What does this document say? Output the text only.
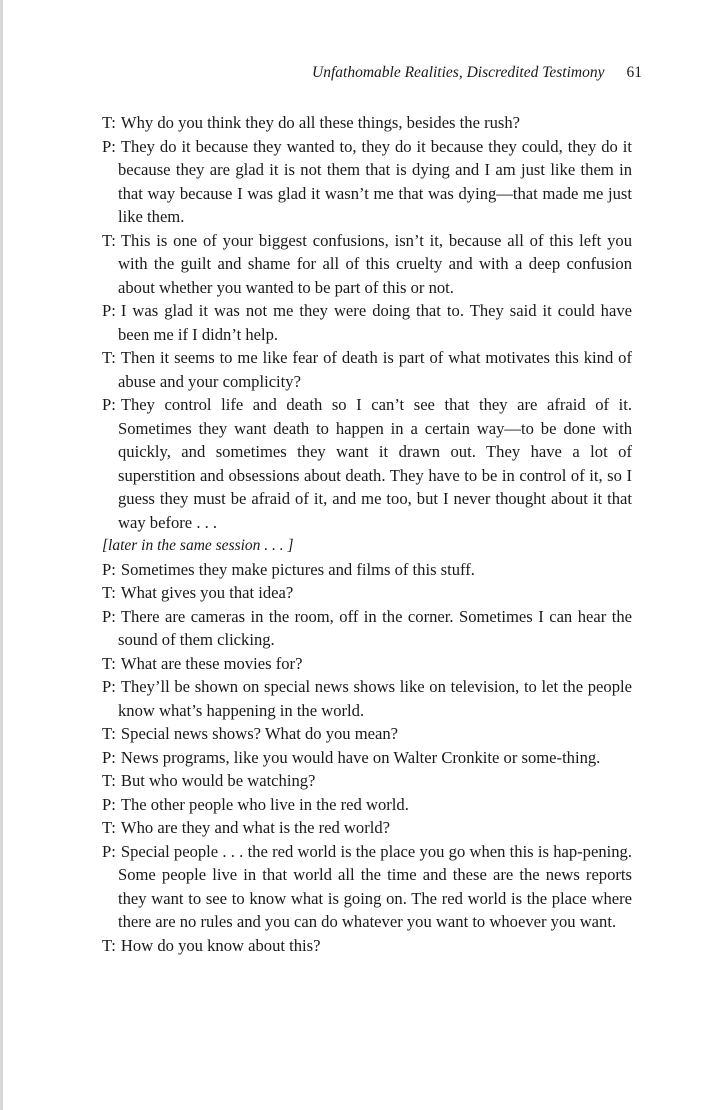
Unfathomable Realities, Discredited Testimony 61

T: Why do you think they do all these things, besides the rush?

P: They do it because they wanted to, they do it because they could, they do it because they are glad it is not them that is dying and I am just like them in that way because I was glad it wasn’t me that was dying—that made me just like them.

T: This is one of your biggest confusions, isn’t it, because all of this left you with the guilt and shame for all of this cruelty and with a deep confusion about whether you wanted to be part of this or not.

P: I was glad it was not me they were doing that to. They said it could have been me if I didn’t help.

T: Then it seems to me like fear of death is part of what motivates this kind of abuse and your complicity?

P: They control life and death so I can’t see that they are afraid of it. Sometimes they want death to happen in a certain way—to be done with quickly, and sometimes they want it drawn out. They have a lot of superstition and obsessions about death. They have to be in control of it, so I guess they must be afraid of it, and me too, but I never thought about it that way before . . .

[later in the same session . . . ]

P: Sometimes they make pictures and films of this stuff.

T: What gives you that idea?

P: There are cameras in the room, off in the corner. Sometimes I can hear the sound of them clicking.

T: What are these movies for?

P: They’ll be shown on special news shows like on television, to let the people know what’s happening in the world.

T: Special news shows? What do you mean?

P: News programs, like you would have on Walter Cronkite or some-thing.

T: But who would be watching?

P: The other people who live in the red world.

T: Who are they and what is the red world?

P: Special people . . . the red world is the place you go when this is hap-pening. Some people live in that world all the time and these are the news reports they want to see to know what is going on. The red world is the place where there are no rules and you can do whatever you want to whoever you want.

T: How do you know about this?
